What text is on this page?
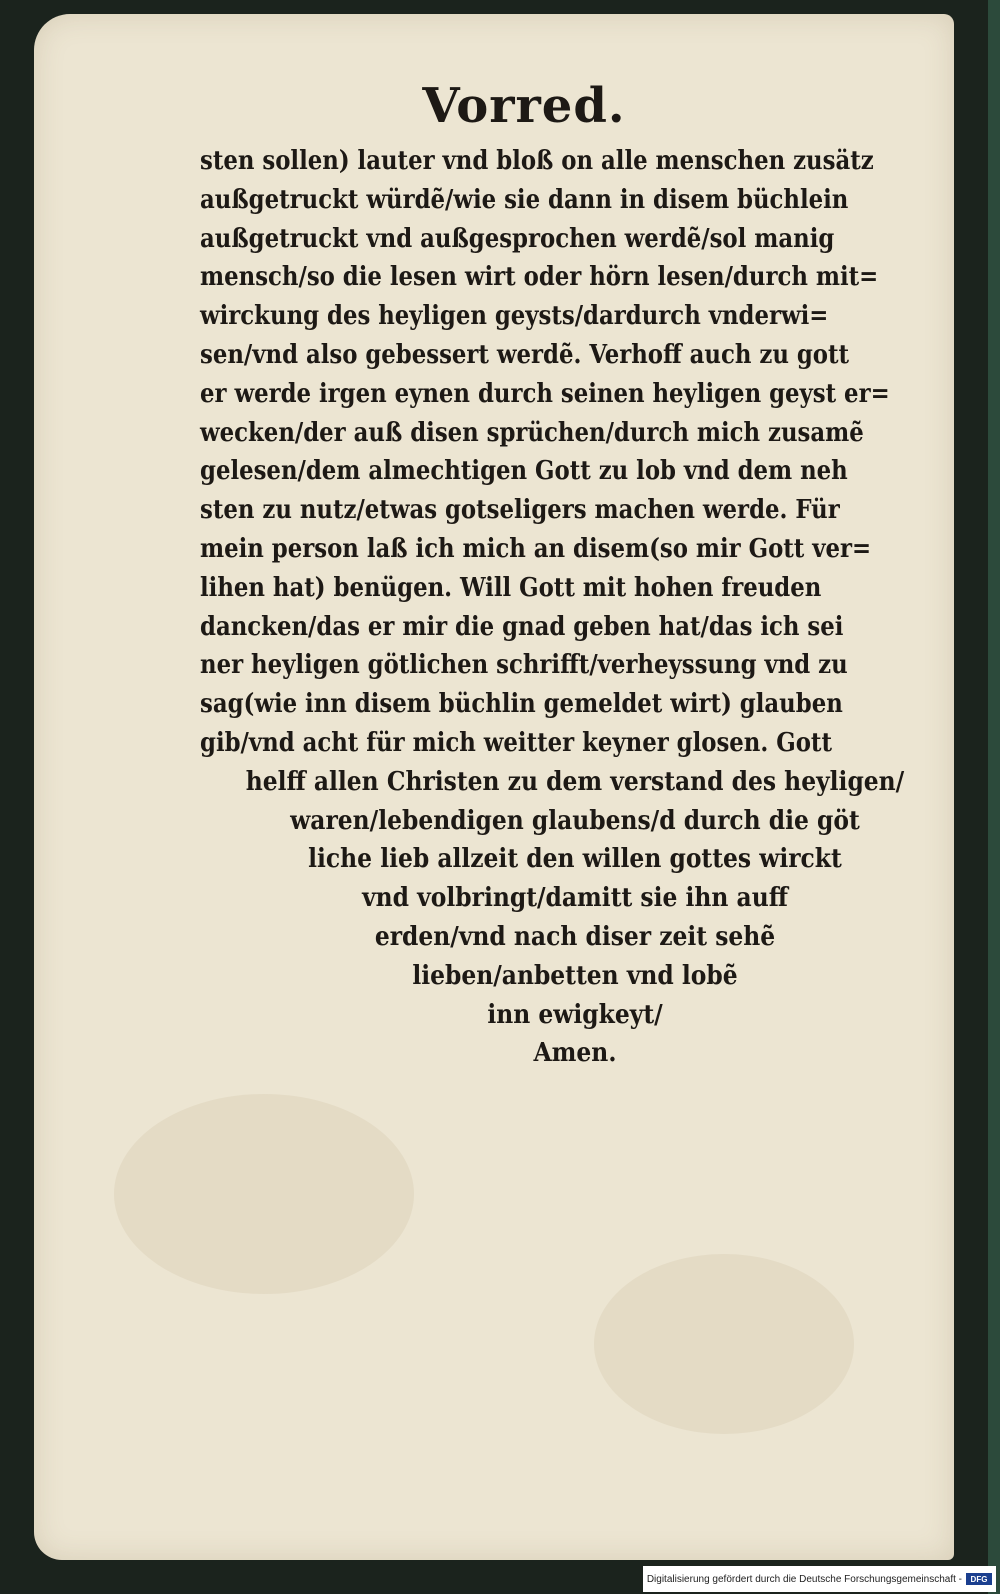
Vorred.
sten sollen) lauter vnd bloß on alle menschen zusätz
außgetruckt würdẽ/wie sie dann in disem büchlein
außgetruckt vnd außgesprochen werdẽ/sol manig
mensch/so die lesen wirt oder hörn lesen/durch mit=
wirckung des heyligen geysts/dardurch vnderwi=
sen/vnd also gebessert werdẽ. Verhoff auch zu gott
er werde irgen eynen durch seinen heyligen geyst er=
wecken/der auß disen sprüchen/durch mich zusamẽ
gelesen/dem almechtigen Gott zu lob vnd dem neh
sten zu nutz/etwas gotseligers machen werde. Für
mein person laß ich mich an disem(so mir Gott ver=
lihen hat) benügen. Will Gott mit hohen freuden
dancken/das er mir die gnad geben hat/das ich sei
ner heyligen götlichen schrifft/verheyssung vnd zu
sag(wie inn disem büchlin gemeldet wirt) glauben
gib/vnd acht für mich weitter keyner glosen. Gott
helff allen Christen zu dem verstand des heyligen/
waren/lebendigen glaubens/d durch die göt
liche lieb allzeit den willen gottes wirckt
vnd volbringt/damitt sie ihn auff
erden/vnd nach diser zeit sehẽ
lieben/anbetten vnd lobẽ
inn ewigkeyt/
Amen.
Digitalisierung gefördert durch die Deutsche Forschungsgemeinschaft -	DFG
